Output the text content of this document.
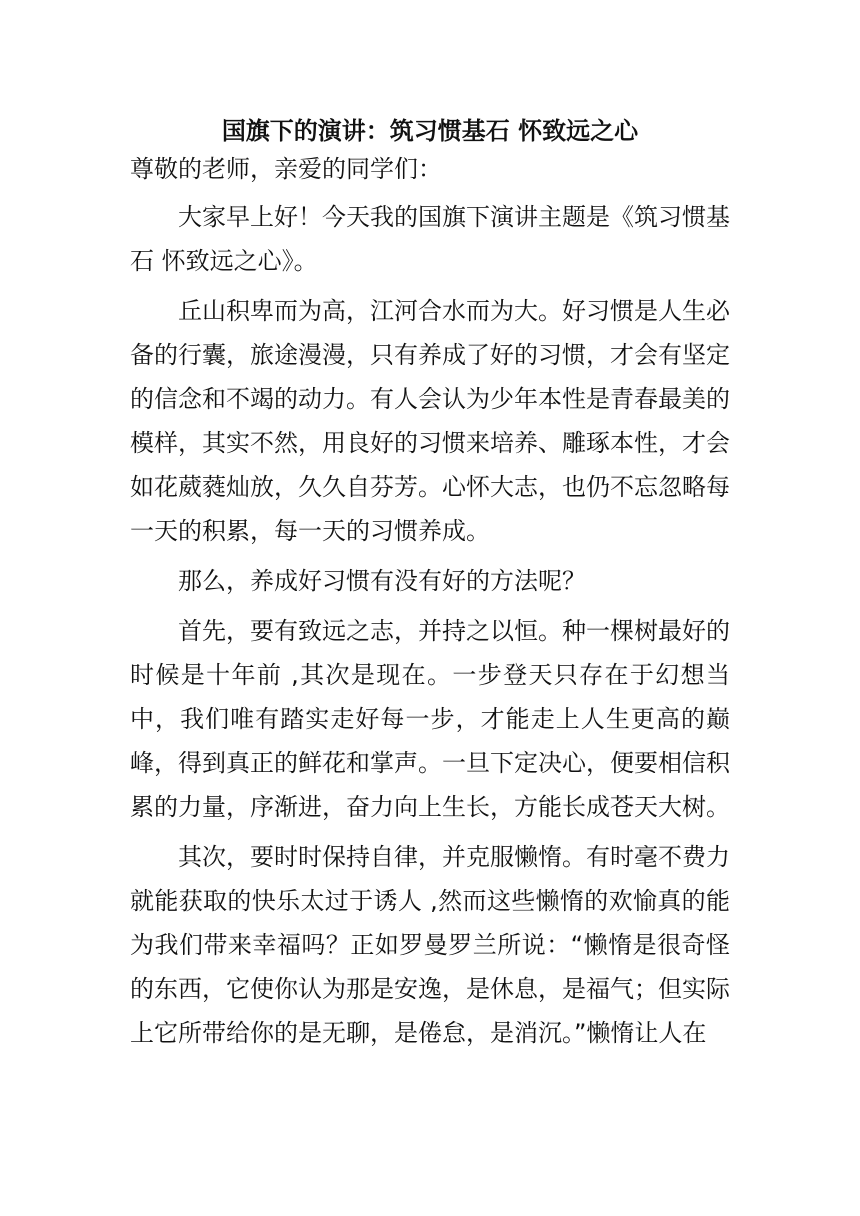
国旗下的演讲：筑习惯基石 怀致远之心

尊敬的老师，亲爱的同学们：

大家早上好！今天我的国旗下演讲主题是《筑习惯基石 怀致远之心》。

丘山积卑而为高，江河合水而为大。好习惯是人生必备的行囊，旅途漫漫，只有养成了好的习惯，才会有坚定的信念和不竭的动力。有人会认为少年本性是青春最美的模样，其实不然，用良好的习惯来培养、雕琢本性，才会如花葳蕤灿放，久久自芬芳。心怀大志，也仍不忘忽略每一天的积累，每一天的习惯养成。

那么，养成好习惯有没有好的方法呢？

首先，要有致远之志，并持之以恒。种一棵树最好的时候是十年前 ,其次是现在。一步登天只存在于幻想当中，我们唯有踏实走好每一步，才能走上人生更高的巅峰，得到真正的鲜花和掌声。一旦下定决心，便要相信积累的力量，序渐进，奋力向上生长，方能长成苍天大树。

其次，要时时保持自律，并克服懒惰。有时毫不费力就能获取的快乐太过于诱人 ,然而这些懒惰的欢愉真的能为我们带来幸福吗？正如罗曼罗兰所说：“懒惰是很奇怪的东西，它使你认为那是安逸，是休息，是福气；但实际上它所带给你的是无聊，是倦怠，是消沉。”懒惰让人在
